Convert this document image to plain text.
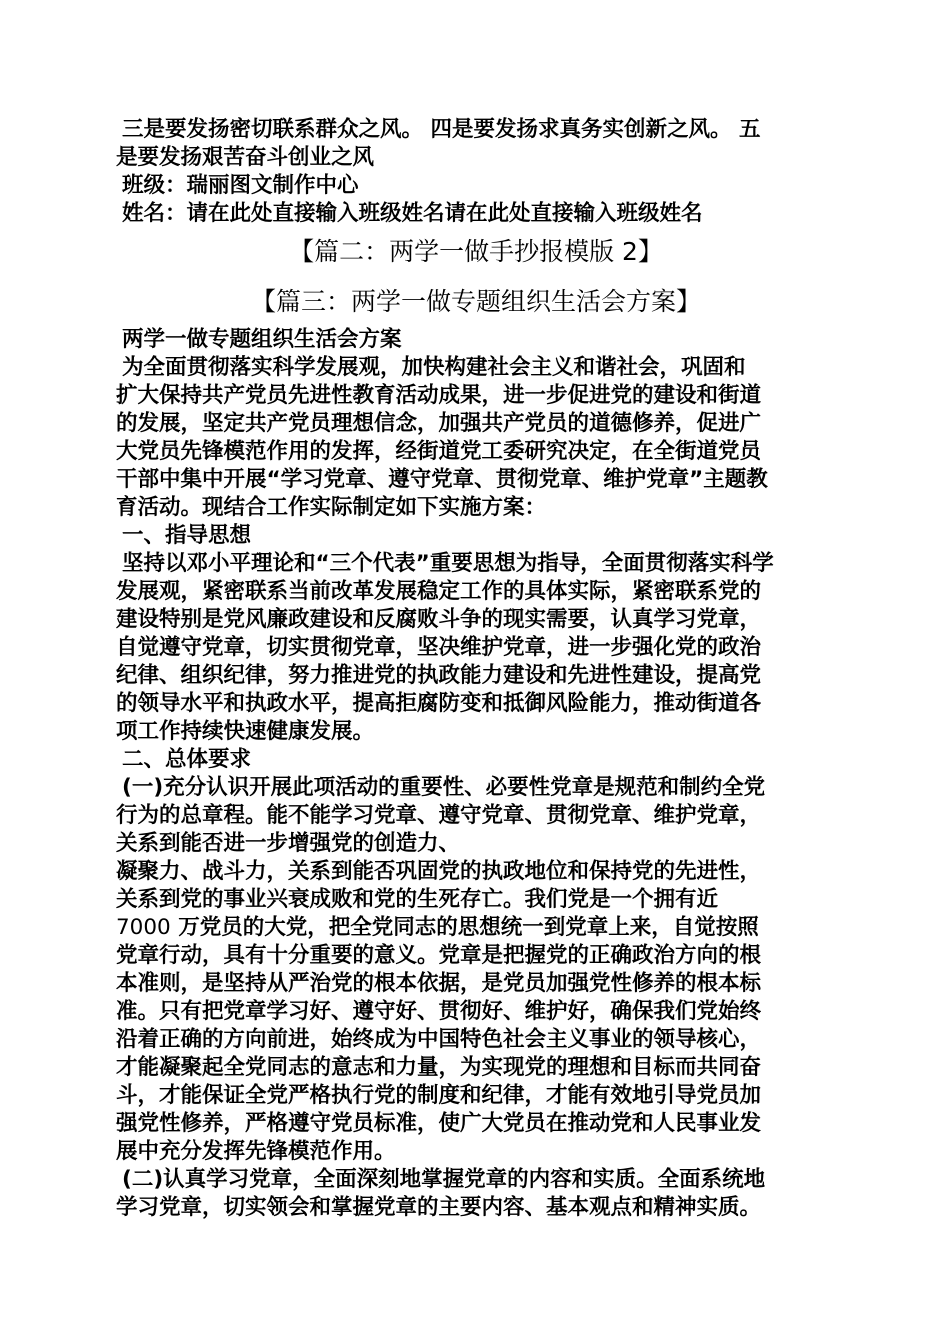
三是要发扬密切联系群众之风。 四是要发扬求真务实创新之风。 五
是要发扬艰苦奋斗创业之风
班级：瑞丽图文制作中心
姓名：请在此处直接输入班级姓名请在此处直接输入班级姓名
【篇二：两学一做手抄报模版 2】
【篇三：两学一做专题组织生活会方案】
两学一做专题组织生活会方案
为全面贯彻落实科学发展观，加快构建社会主义和谐社会，巩固和
扩大保持共产党员先进性教育活动成果，进一步促进党的建设和街道
的发展，坚定共产党员理想信念，加强共产党员的道德修养，促进广
大党员先锋模范作用的发挥，经街道党工委研究决定，在全街道党员
干部中集中开展“学习党章、遵守党章、贯彻党章、维护党章”主题教
育活动。现结合工作实际制定如下实施方案：
一、指导思想
坚持以邓小平理论和“三个代表”重要思想为指导，全面贯彻落实科学
发展观，紧密联系当前改革发展稳定工作的具体实际，紧密联系党的
建设特别是党风廉政建设和反腐败斗争的现实需要，认真学习党章，
自觉遵守党章，切实贯彻党章，坚决维护党章，进一步强化党的政治
纪律、组织纪律，努力推进党的执政能力建设和先进性建设，提高党
的领导水平和执政水平，提高拒腐防变和抵御风险能力，推动街道各
项工作持续快速健康发展。
二、总体要求
(一)充分认识开展此项活动的重要性、必要性党章是规范和制约全党
行为的总章程。能不能学习党章、遵守党章、贯彻党章、维护党章，
关系到能否进一步增强党的创造力、
凝聚力、战斗力，关系到能否巩固党的执政地位和保持党的先进性，
关系到党的事业兴衰成败和党的生死存亡。我们党是一个拥有近
7000 万党员的大党，把全党同志的思想统一到党章上来，自觉按照
党章行动，具有十分重要的意义。党章是把握党的正确政治方向的根
本准则，是坚持从严治党的根本依据，是党员加强党性修养的根本标
准。只有把党章学习好、遵守好、贯彻好、维护好，确保我们党始终
沿着正确的方向前进，始终成为中国特色社会主义事业的领导核心，
才能凝聚起全党同志的意志和力量，为实现党的理想和目标而共同奋
斗，才能保证全党严格执行党的制度和纪律，才能有效地引导党员加
强党性修养，严格遵守党员标准，使广大党员在推动党和人民事业发
展中充分发挥先锋模范作用。
(二)认真学习党章，全面深刻地掌握党章的内容和实质。全面系统地
学习党章，切实领会和掌握党章的主要内容、基本观点和精神实质。
